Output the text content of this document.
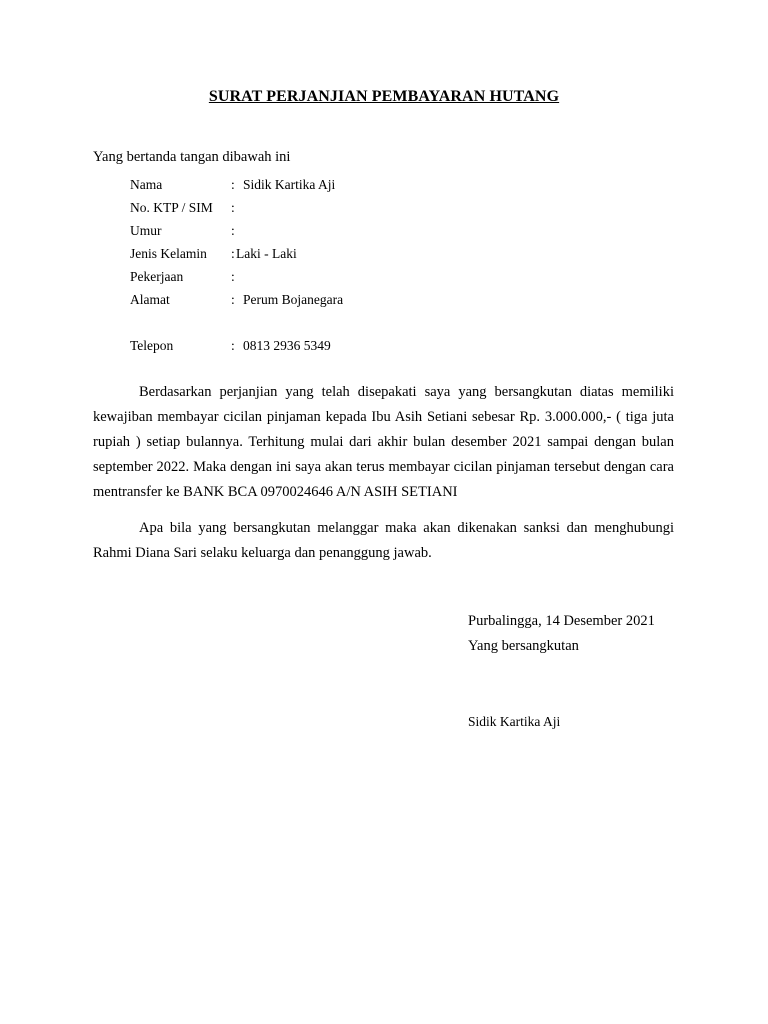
SURAT PERJANJIAN PEMBAYARAN HUTANG
Yang bertanda tangan dibawah ini
Nama	: Sidik Kartika Aji
No. KTP / SIM	:
Umur	:
Jenis Kelamin	: Laki - Laki
Pekerjaan	:
Alamat	: Perum Bojanegara
Telepon	: 0813 2936 5349

Berdasarkan perjanjian yang telah disepakati saya yang bersangkutan diatas memiliki kewajiban membayar cicilan pinjaman kepada Ibu Asih Setiani sebesar Rp. 3.000.000,- ( tiga juta rupiah ) setiap bulannya. Terhitung mulai dari akhir bulan desember 2021 sampai dengan bulan september 2022. Maka dengan ini saya akan terus membayar cicilan pinjaman tersebut dengan cara mentransfer ke BANK BCA 0970024646 A/N ASIH SETIANI

Apa bila yang bersangkutan melanggar maka akan dikenakan sanksi dan menghubungi Rahmi Diana Sari selaku keluarga dan penanggung jawab.

Purbalingga, 14 Desember 2021
Yang bersangkutan
Sidik Kartika Aji
